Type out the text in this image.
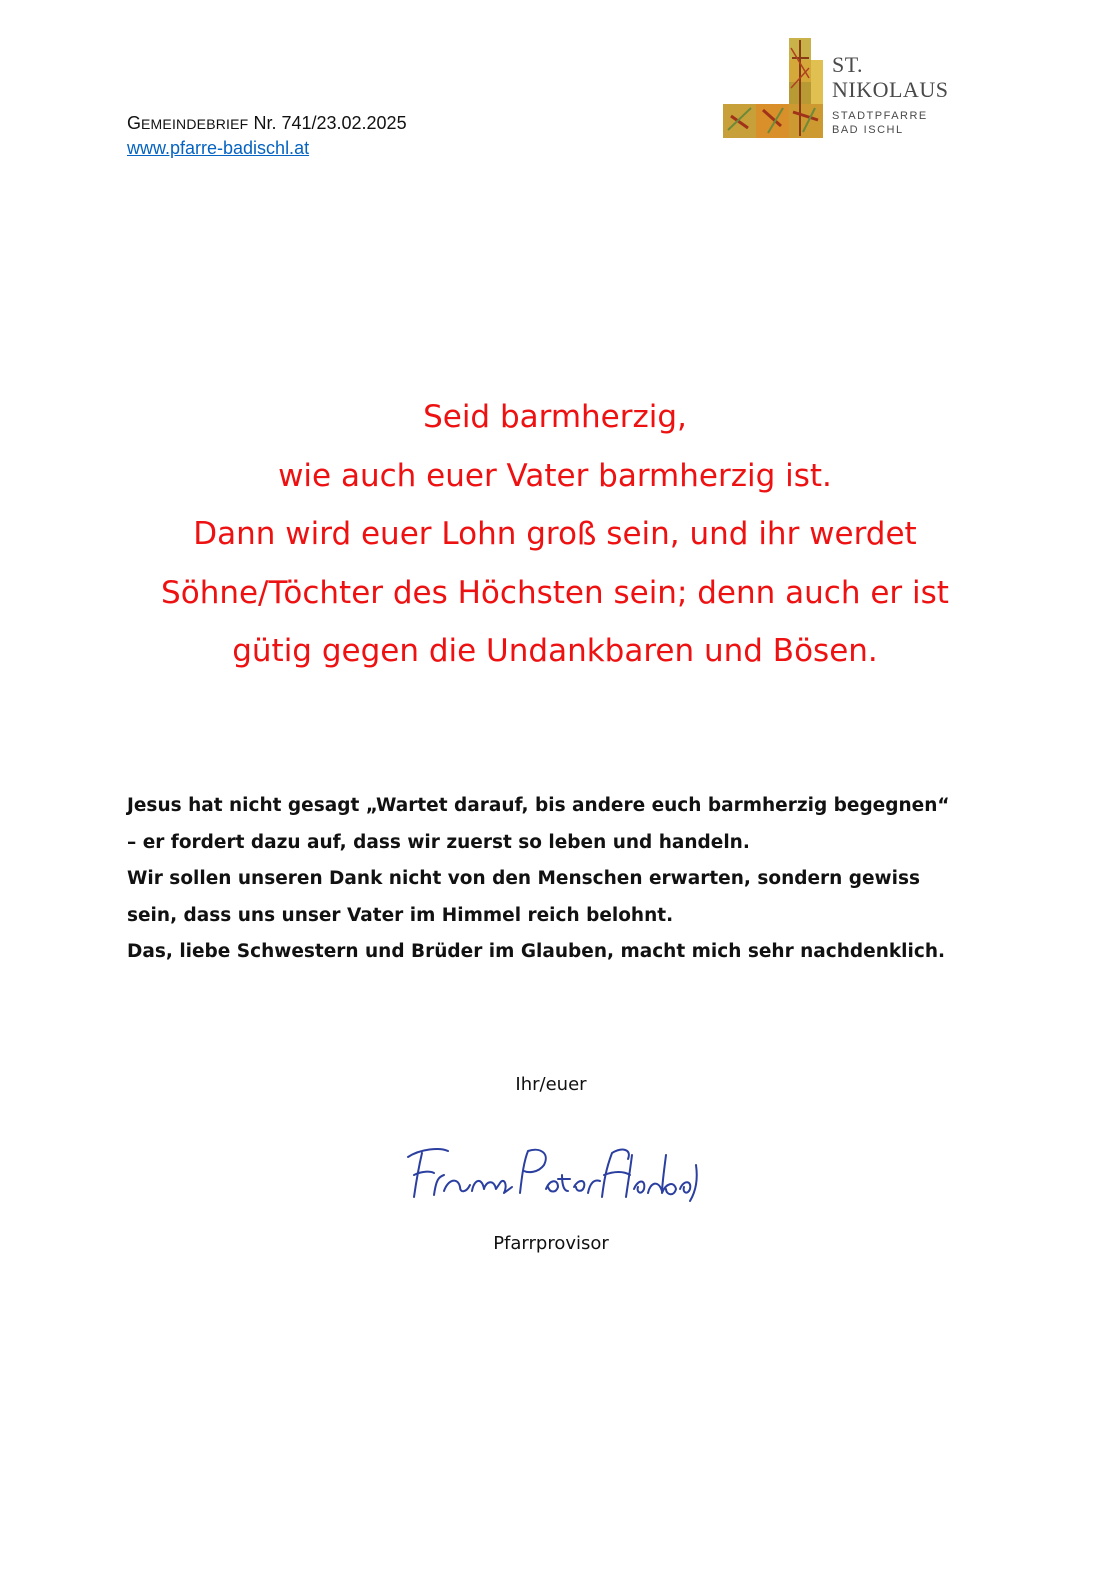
GEMEINDEBRIEF Nr. 741/23.02.2025
www.pfarre-badischl.at
ST.
NIKOLAUS
STADTPFARRE
BAD ISCHL
Seid barmherzig,
wie auch euer Vater barmherzig ist.
Dann wird euer Lohn groß sein, und ihr werdet
Söhne/Töchter des Höchsten sein; denn auch er ist
gütig gegen die Undankbaren und Bösen.
Jesus hat nicht gesagt „Wartet darauf, bis andere euch barmherzig begegnen“
– er fordert dazu auf, dass wir zuerst so leben und handeln.
Wir sollen unseren Dank nicht von den Menschen erwarten, sondern gewiss
sein, dass uns unser Vater im Himmel reich belohnt.
Das, liebe Schwestern und Brüder im Glauben, macht mich sehr nachdenklich.
Ihr/euer
Pfarrprovisor
